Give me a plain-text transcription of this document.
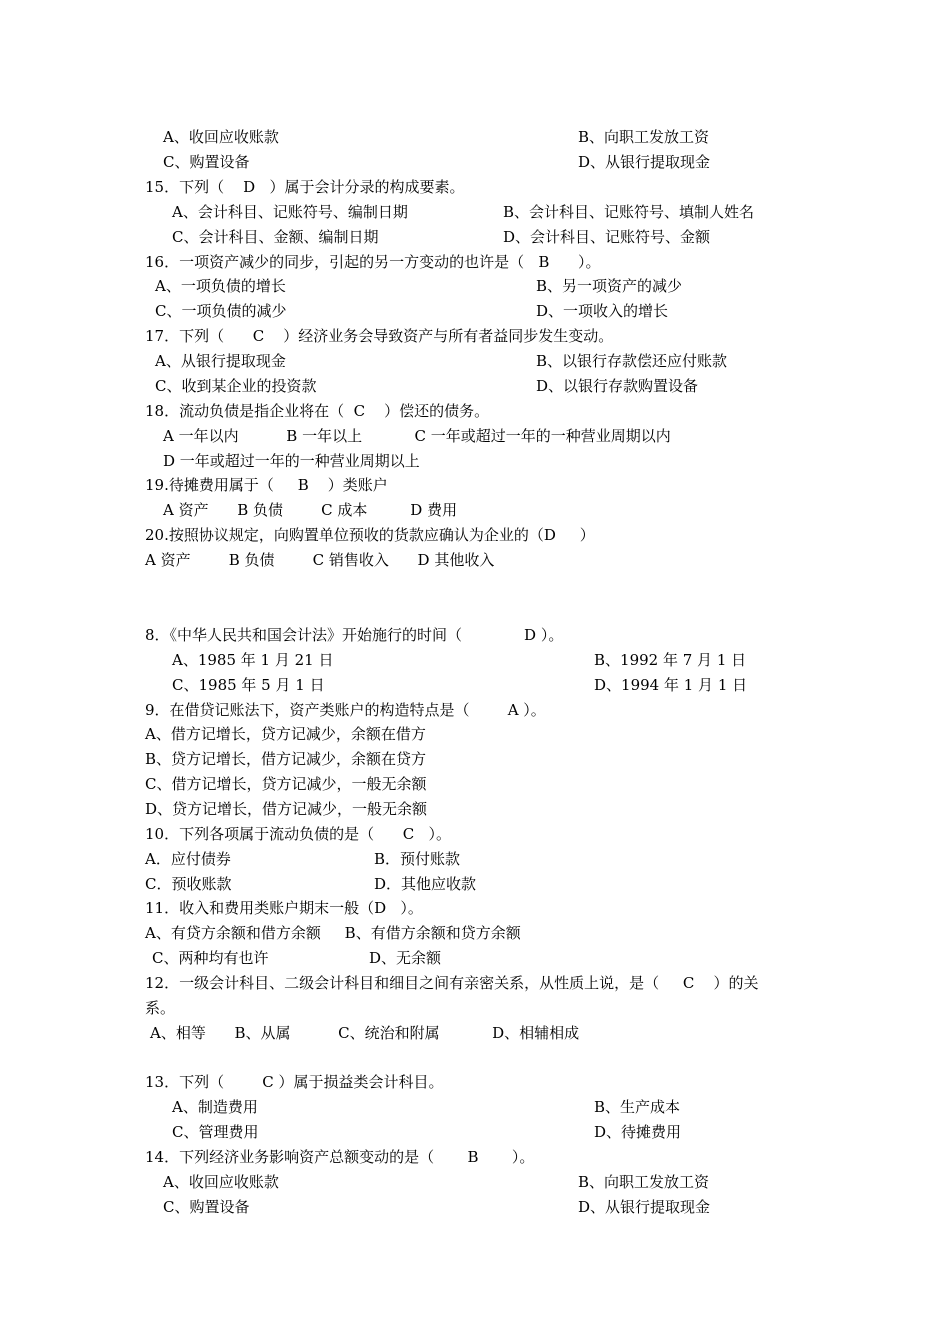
A、收回应收账款	B、向职工发放工资
C、购置设备	D、从银行提取现金
15．下列（    D   ）属于会计分录的构成要素。
A、会计科目、记账符号、编制日期	B、会计科目、记账符号、填制人姓名
C、会计科目、金额、编制日期	D、会计科目、记账符号、金额
16．一项资产减少的同步，引起的另一方变动的也许是（   B      ）。
A、一项负债的增长	B、另一项资产的减少
C、一项负债的减少	D、一项收入的增长
17．下列（      C    ）经济业务会导致资产与所有者益同步发生变动。
A、从银行提取现金	B、以银行存款偿还应付账款
C、收到某企业的投资款	D、以银行存款购置设备
18．流动负债是指企业将在（  C    ）偿还的债务。
A 一年以内          B 一年以上           C 一年或超过一年的一种营业周期以内
D 一年或超过一年的一种营业周期以上
19.待摊费用属于（     B    ）类账户
A 资产      B 负债        C 成本         D 费用
20.按照协议规定，向购置单位预收的货款应确认为企业的（D     ）
A 资产        B 负债        C 销售收入      D 其他收入
8．《中华人民共和国会计法》开始施行的时间（             D ）。
A、1985 年 1 月 21 日	B、1992 年 7 月 1 日
C、1985 年 5 月 1 日	D、1994 年 1 月 1 日
9．在借贷记账法下，资产类账户的构造特点是（        A ）。
A、借方记增长，贷方记减少，余额在借方
B、贷方记增长，借方记减少，余额在贷方
C、借方记增长，贷方记减少，一般无余额
D、贷方记增长，借方记减少，一般无余额
10．下列各项属于流动负债的是（      C   ）。
A．应付债券	B．预付账款
C．预收账款	D．其他应收款
11．收入和费用类账户期末一般（D   ）。
A、有贷方余额和借方余额     B、有借方余额和贷方余额
C、两种均有也许	D、无余额
12．一级会计科目、二级会计科目和细目之间有亲密关系，从性质上说，是（     C    ）的关
系。
A、相等      B、从属          C、统治和附属           D、相辅相成
13．下列（        C ）属于损益类会计科目。
A、制造费用	B、生产成本
C、管理费用	D、待摊费用
14．下列经济业务影响资产总额变动的是（       B       ）。
A、收回应收账款	B、向职工发放工资
C、购置设备	D、从银行提取现金
